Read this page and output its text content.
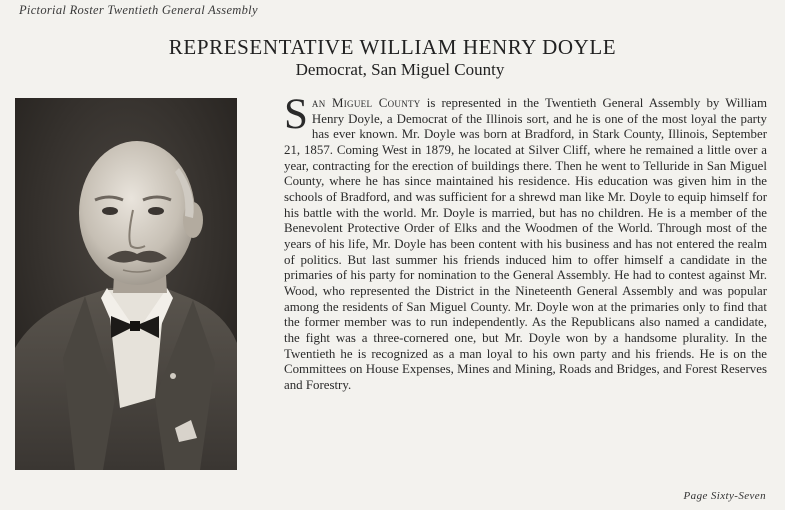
Pictorial Roster Twentieth General Assembly
REPRESENTATIVE WILLIAM HENRY DOYLE
Democrat, San Miguel County
San Miguel County is represented in the Twentieth General Assembly by William Henry Doyle, a Democrat of the Illinois sort, and he is one of the most loyal the party has ever known. Mr. Doyle was born at Bradford, in Stark County, Illinois, September 21, 1857. Coming West in 1879, he located at Silver Cliff, where he remained a little over a year, contracting for the erection of buildings there. Then he went to Telluride in San Miguel County, where he has since maintained his residence. His education was given him in the schools of Bradford, and was sufficient for a shrewd man like Mr. Doyle to equip himself for his battle with the world. Mr. Doyle is married, but has no children. He is a member of the Benevolent Protective Order of Elks and the Woodmen of the World. Through most of the years of his life, Mr. Doyle has been content with his business and has not entered the realm of politics. But last summer his friends induced him to offer himself a candidate in the primaries of his party for nomination to the General Assembly. He had to contest against Mr. Wood, who represented the District in the Nineteenth General Assembly and was popular among the residents of San Miguel County. Mr. Doyle won at the primaries only to find that the former member was to run independently. As the Republicans also named a candidate, the fight was a three-cornered one, but Mr. Doyle won by a handsome plurality. In the Twentieth he is recognized as a man loyal to his own party and his friends. He is on the Committees on House Expenses, Mines and Mining, Roads and Bridges, and Forest Reserves and Forestry.
Page Sixty-Seven
